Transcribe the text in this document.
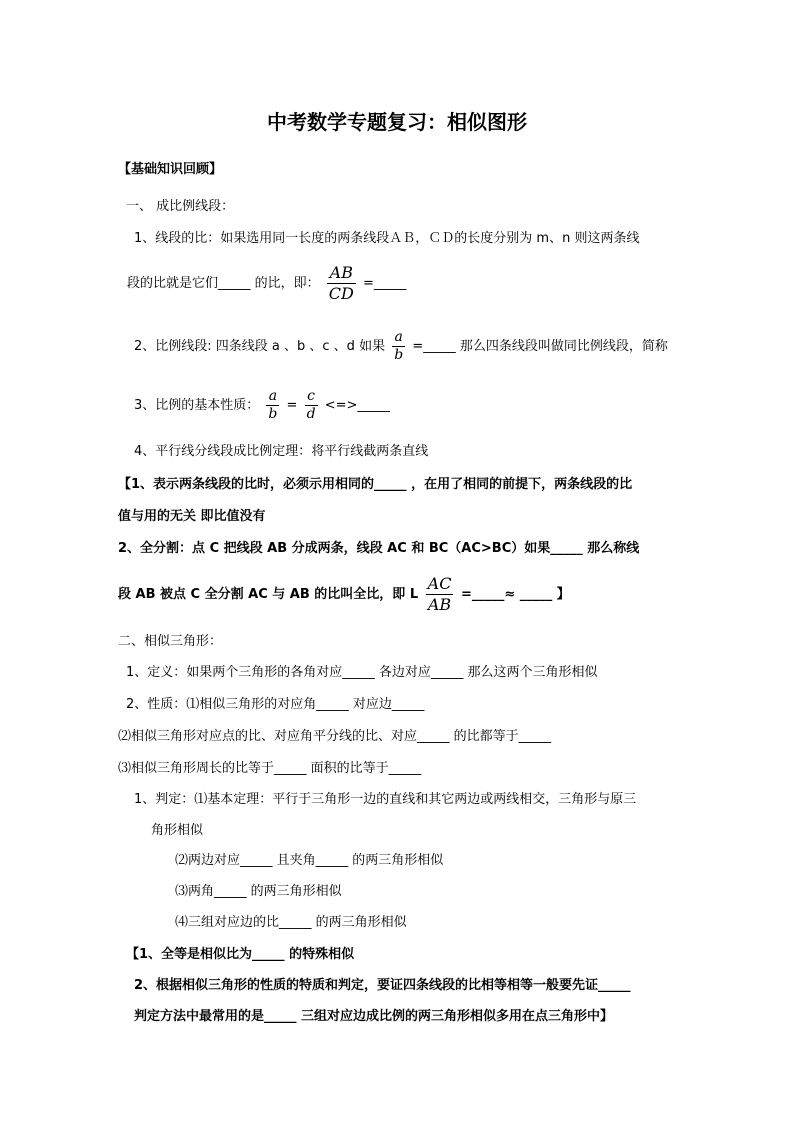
中考数学专题复习：相似图形
【基础知识回顾】
一、 成比例线段：
1、线段的比：如果选用同一长度的两条线段ＡＢ，ＣＤ的长度分别为 m、n 则这两条线
段的比就是它们_____ 的比，即： $\frac{AB}{CD}$ =_____
2、比例线段: 四条线段 a 、b 、c 、d 如果 $\frac{a}{b}$ =_____ 那么四条线段叫做同比例线段，简称
3、比例的基本性质： $\frac{a}{b} = \frac{c}{d}$ <=>_____
4、平行线分线段成比例定理：将平行线截两条直线
【1、表示两条线段的比时，必须示用相同的_____ ，在用了相同的前提下，两条线段的比
值与用的无关 即比值没有
2、全分割：点 C 把线段 AB 分成两条，线段 AC 和 BC（AC>BC）如果_____ 那么称线
段 AB 被点 C 全分割 AC 与 AB 的比叫全比，即 L $\frac{AC}{AB}$ =_____≈ _____ 】
二、相似三角形：
1、定义：如果两个三角形的各角对应_____ 各边对应_____ 那么这两个三角形相似
2、性质：⑴相似三角形的对应角_____ 对应边_____
⑵相似三角形对应点的比、对应角平分线的比、对应_____ 的比都等于_____
⑶相似三角形周长的比等于_____ 面积的比等于_____
1、判定：⑴基本定理：平行于三角形一边的直线和其它两边或两线相交，三角形与原三
角形相似
⑵两边对应_____ 且夹角_____ 的两三角形相似
⑶两角_____ 的两三角形相似
⑷三组对应边的比_____ 的两三角形相似
【1、全等是相似比为_____ 的特殊相似
2、根据相似三角形的性质的特质和判定，要证四条线段的比相等相等一般要先证_____
判定方法中最常用的是_____ 三组对应边成比例的两三角形相似多用在点三角形中】
